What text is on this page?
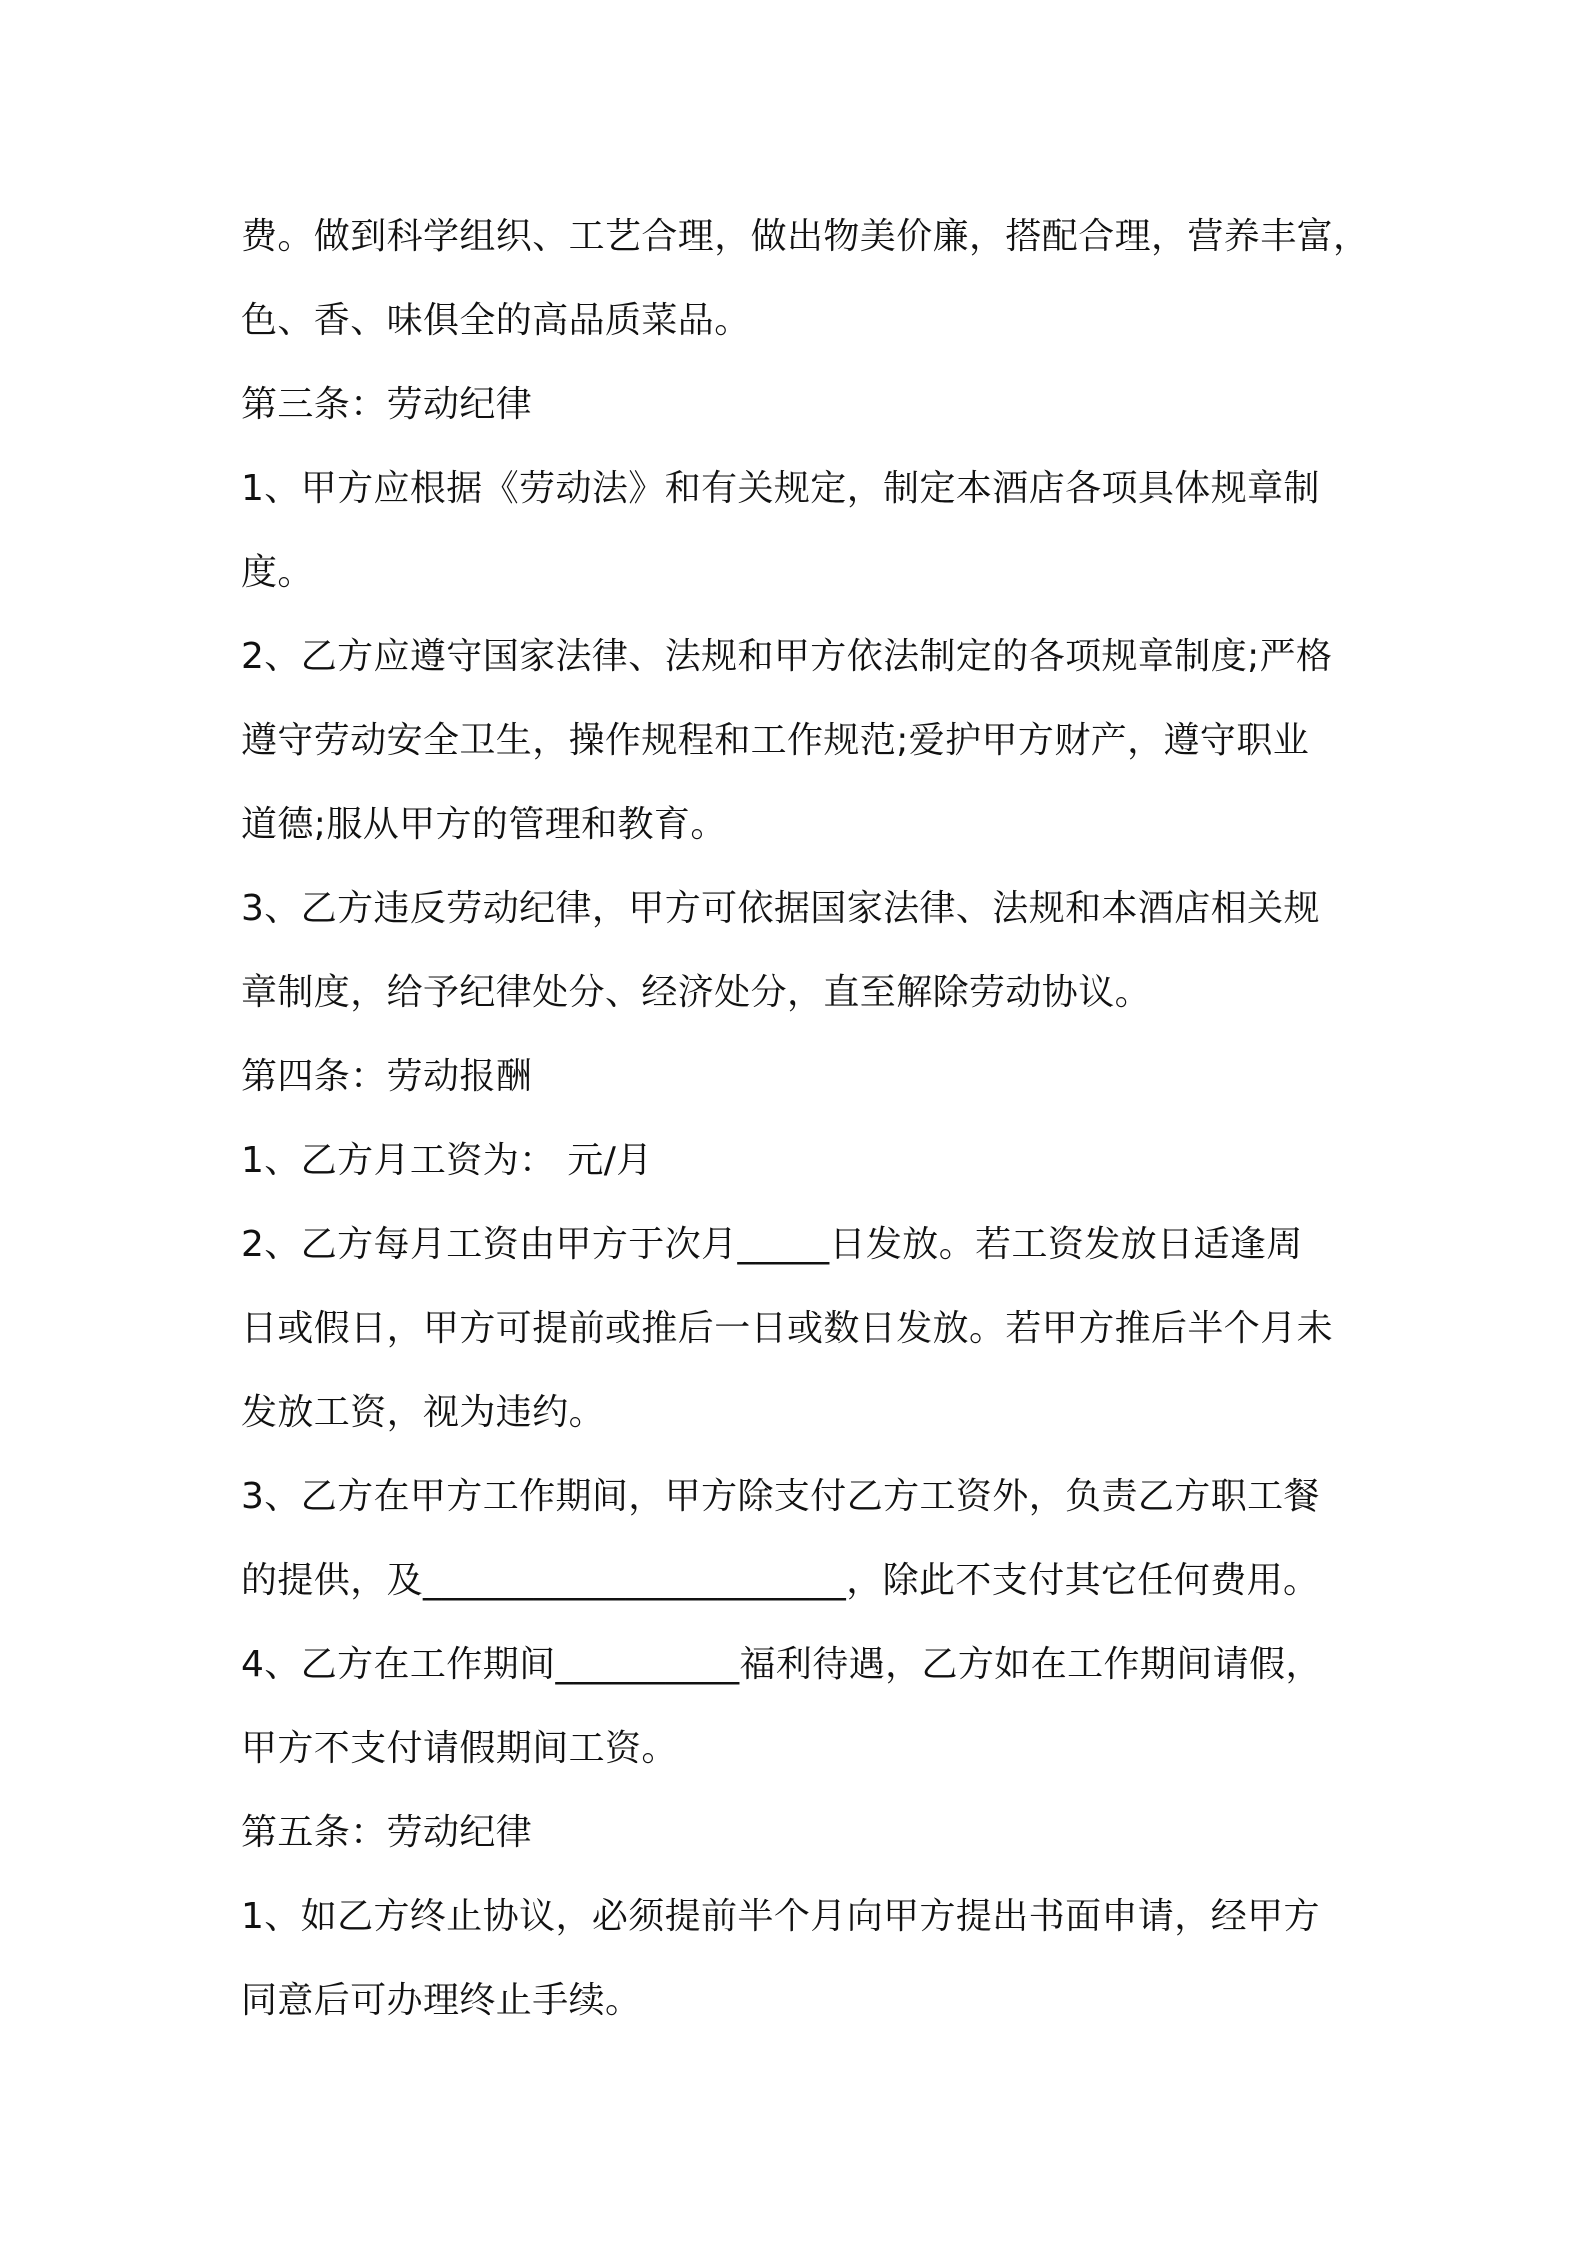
费。做到科学组织、工艺合理，做出物美价廉，搭配合理，营养丰富，
色、香、味俱全的高品质菜品。
第三条：劳动纪律
1、甲方应根据《劳动法》和有关规定，制定本酒店各项具体规章制
度。
2、乙方应遵守国家法律、法规和甲方依法制定的各项规章制度;严格
遵守劳动安全卫生，操作规程和工作规范;爱护甲方财产，遵守职业
道德;服从甲方的管理和教育。
3、乙方违反劳动纪律，甲方可依据国家法律、法规和本酒店相关规
章制度，给予纪律处分、经济处分，直至解除劳动协议。
第四条：劳动报酬
1、乙方月工资为： 元/月
2、乙方每月工资由甲方于次月_____日发放。若工资发放日适逢周
日或假日，甲方可提前或推后一日或数日发放。若甲方推后半个月未
发放工资，视为违约。
3、乙方在甲方工作期间，甲方除支付乙方工资外，负责乙方职工餐
的提供，及_______________________，除此不支付其它任何费用。
4、乙方在工作期间__________福利待遇，乙方如在工作期间请假，
甲方不支付请假期间工资。
第五条：劳动纪律
1、如乙方终止协议，必须提前半个月向甲方提出书面申请，经甲方
同意后可办理终止手续。
